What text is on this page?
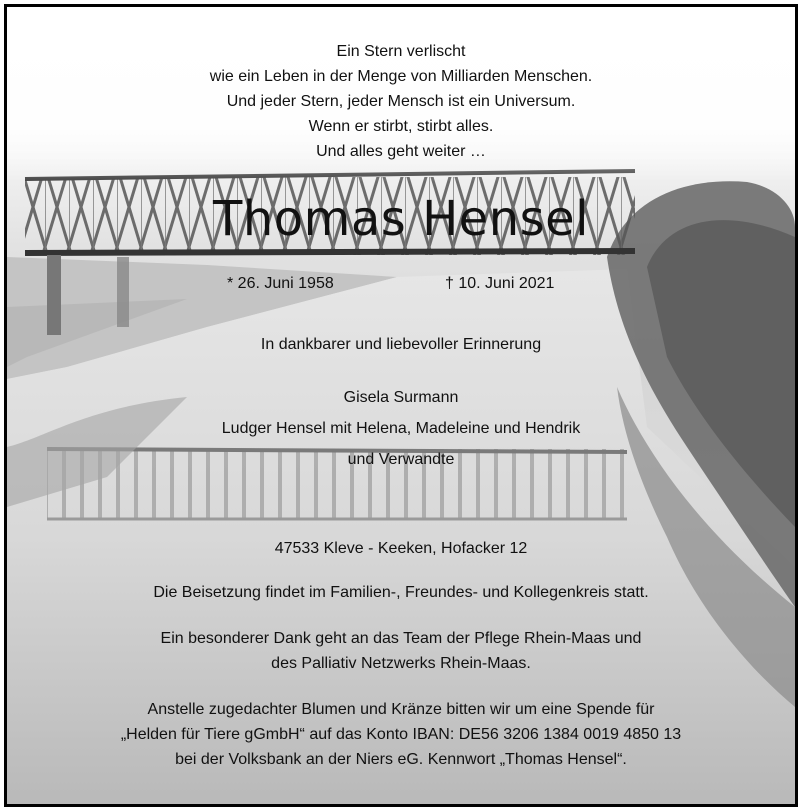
Ein Stern verlischt
wie ein Leben in der Menge von Milliarden Menschen.
Und jeder Stern, jeder Mensch ist ein Universum.
Wenn er stirbt, stirbt alles.
Und alles geht weiter …
Thomas Hensel
* 26. Juni 1958	† 10. Juni 2021
In dankbarer und liebevoller Erinnerung
Gisela Surmann
Ludger Hensel mit Helena, Madeleine und Hendrik
und Verwandte
47533 Kleve - Keeken, Hofacker 12
Die Beisetzung findet im Familien-, Freundes- und Kollegenkreis statt.
Ein besonderer Dank geht an das Team der Pflege Rhein-Maas und
des Palliativ Netzwerks Rhein-Maas.
Anstelle zugedachter Blumen und Kränze bitten wir um eine Spende für
„Helden für Tiere gGmbH“ auf das Konto IBAN: DE56 3206 1384 0019 4850 13
bei der Volksbank an der Niers eG. Kennwort „Thomas Hensel“.
